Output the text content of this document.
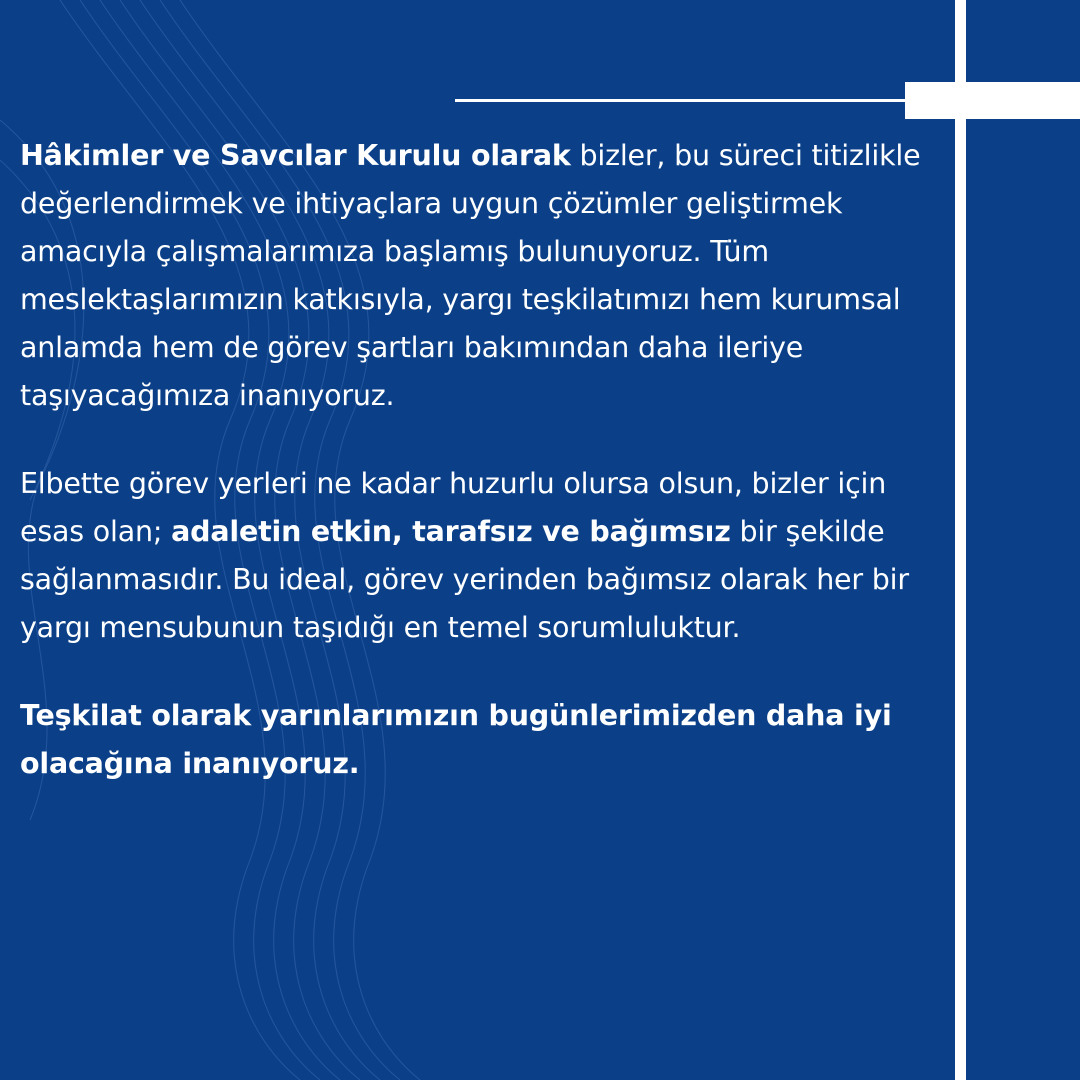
Hâkimler ve Savcılar Kurulu olarak bizler, bu süreci titizlikle değerlendirmek ve ihtiyaçlara uygun çözümler geliştirmek amacıyla çalışmalarımıza başlamış bulunuyoruz. Tüm meslektaşlarımızın katkısıyla, yargı teşkilatımızı hem kurumsal anlamda hem de görev şartları bakımından daha ileriye taşıyacağımıza inanıyoruz.

Elbette görev yerleri ne kadar huzurlu olursa olsun, bizler için esas olan; adaletin etkin, tarafsız ve bağımsız bir şekilde sağlanmasıdır. Bu ideal, görev yerinden bağımsız olarak her bir yargı mensubunun taşıdığı en temel sorumluluktur.

Teşkilat olarak yarınlarımızın bugünlerimizden daha iyi olacağına inanıyoruz.
